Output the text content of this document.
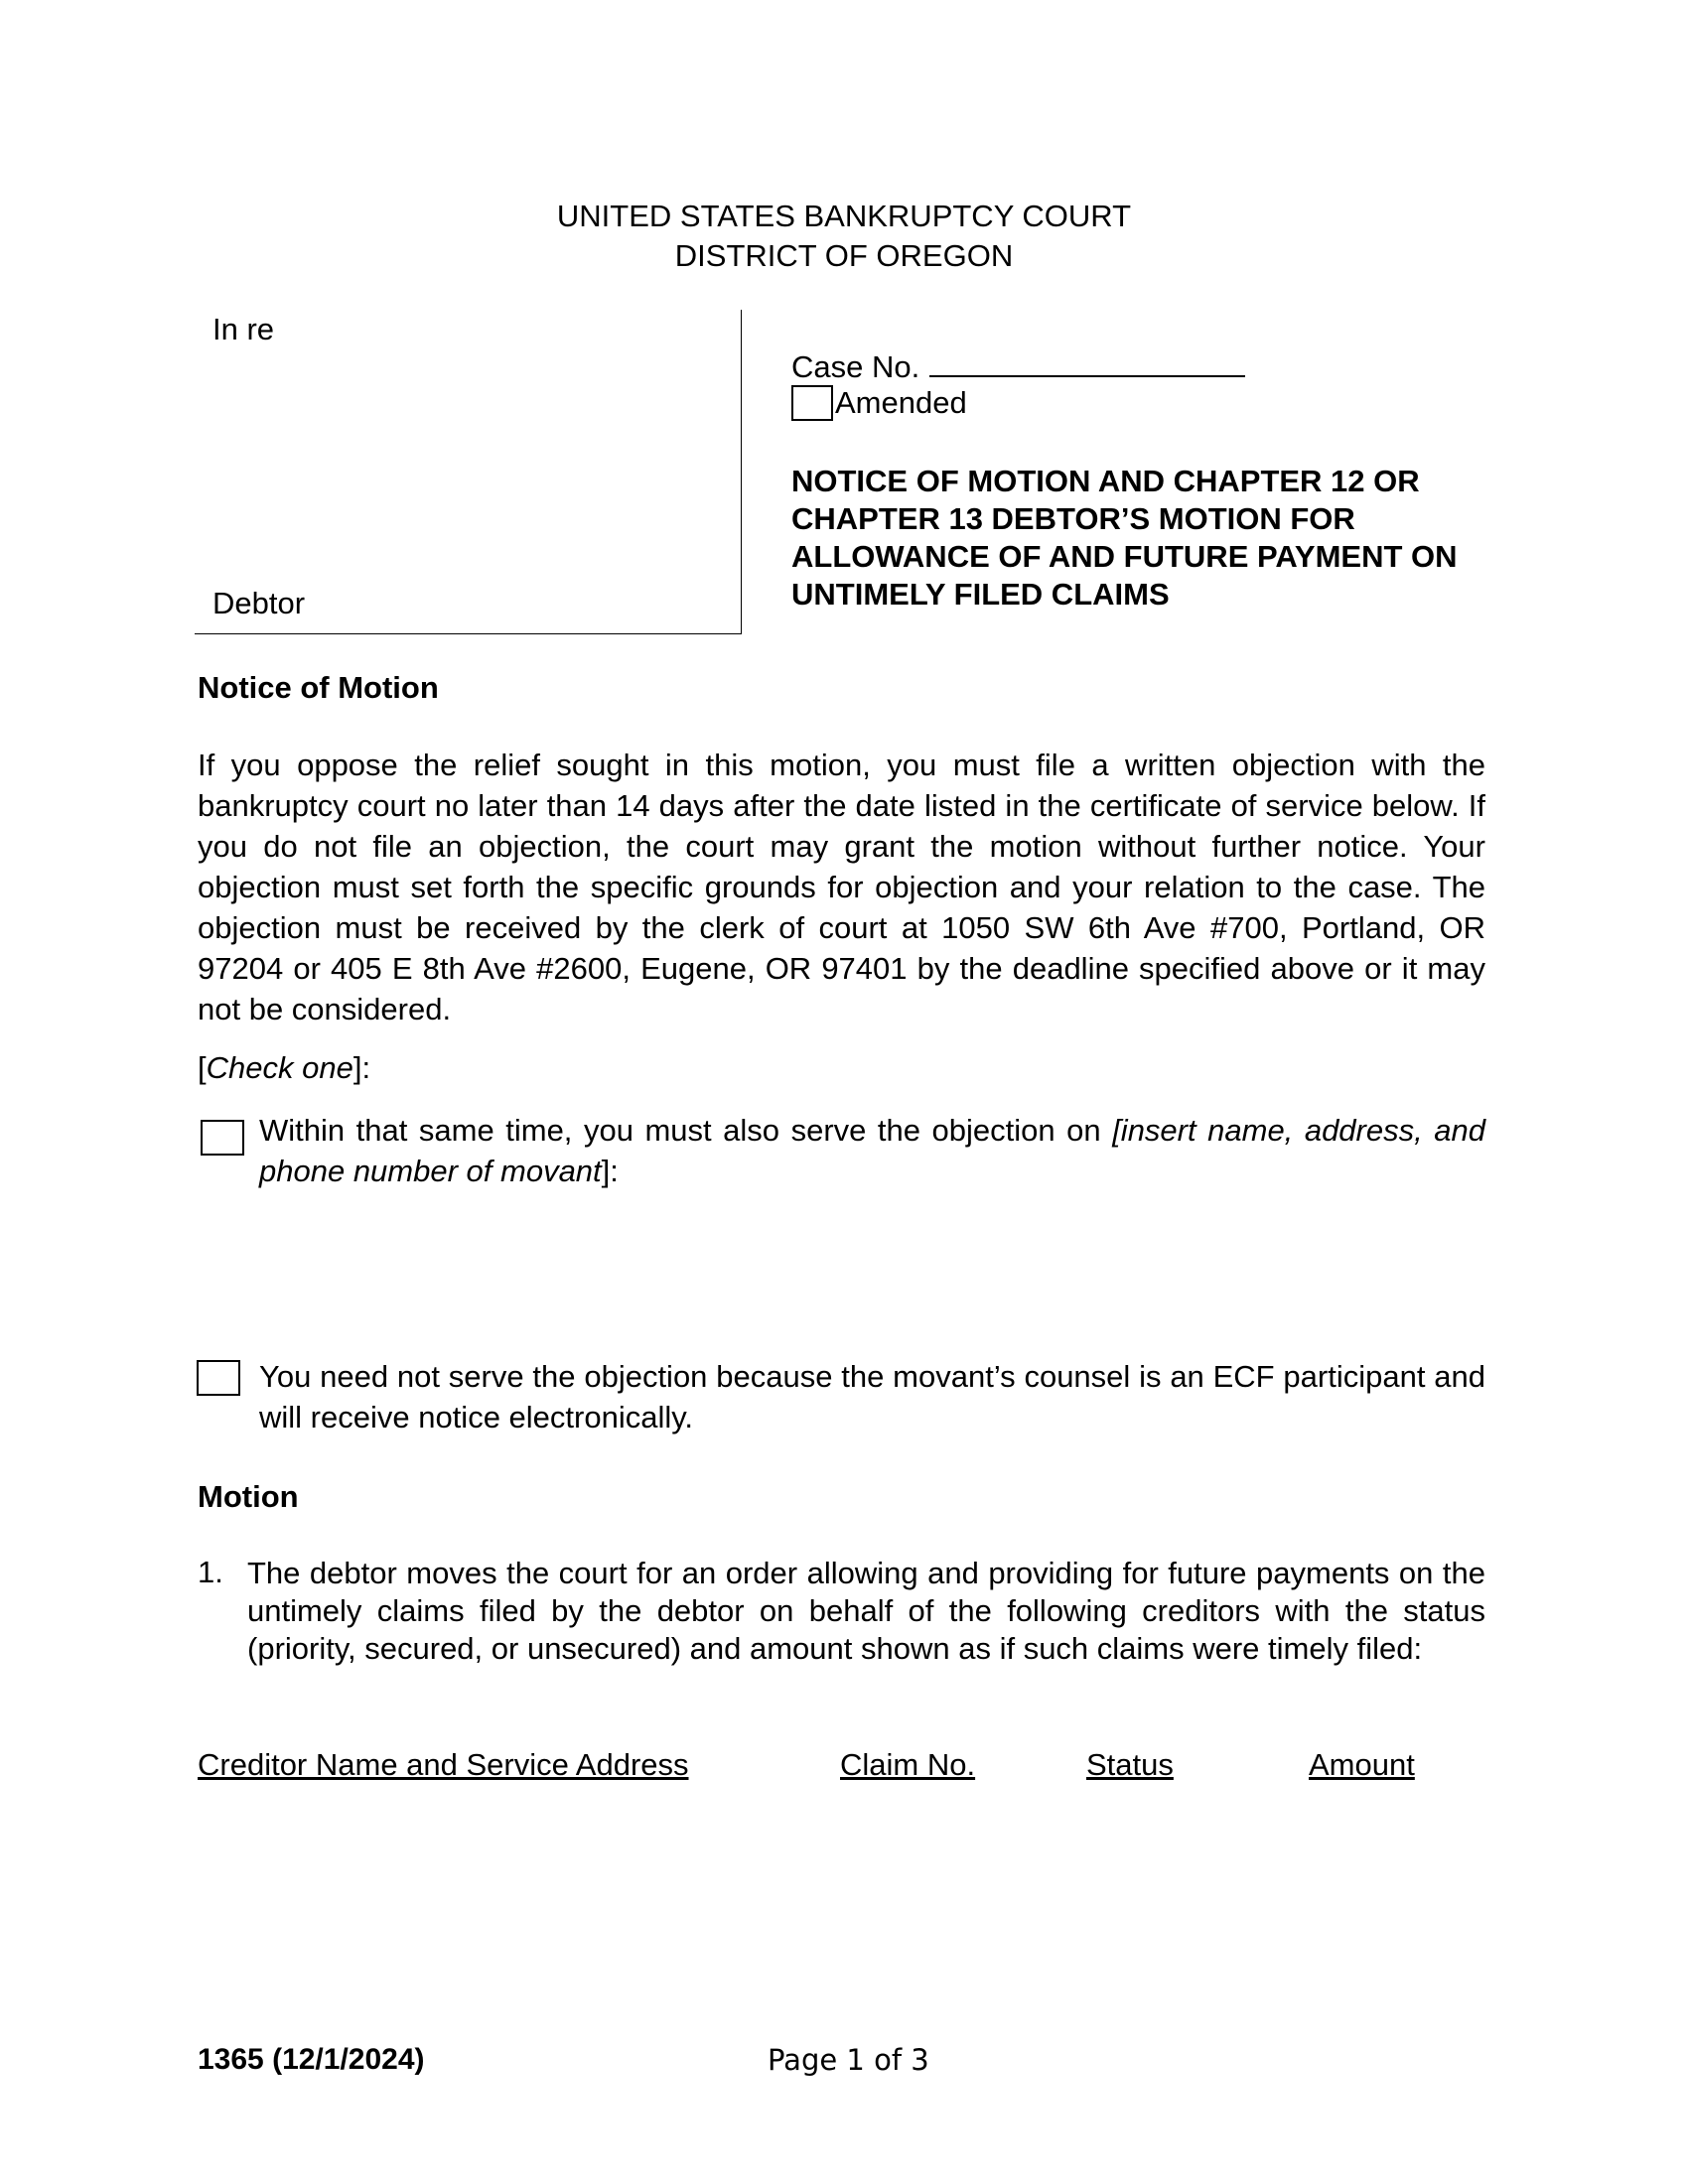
UNITED STATES BANKRUPTCY COURT
DISTRICT OF OREGON
In re
Debtor
Case No.
Amended
NOTICE OF MOTION AND CHAPTER 12 OR CHAPTER 13 DEBTOR’S MOTION FOR ALLOWANCE OF AND FUTURE PAYMENT ON UNTIMELY FILED CLAIMS
Notice of Motion
If you oppose the relief sought in this motion, you must file a written objection with the bankruptcy court no later than 14 days after the date listed in the certificate of service below. If you do not file an objection, the court may grant the motion without further notice. Your objection must set forth the specific grounds for objection and your relation to the case. The objection must be received by the clerk of court at 1050 SW 6th Ave #700, Portland, OR 97204 or 405 E 8th Ave #2600, Eugene, OR 97401 by the deadline specified above or it may not be considered.
[Check one]:
Within that same time, you must also serve the objection on [insert name, address, and phone number of movant]:
You need not serve the objection because the movant’s counsel is an ECF participant and will receive notice electronically.
Motion
1. The debtor moves the court for an order allowing and providing for future payments on the untimely claims filed by the debtor on behalf of the following creditors with the status (priority, secured, or unsecured) and amount shown as if such claims were timely filed:
Creditor Name and Service Address	Claim No.	Status	Amount
1365 (12/1/2024)	Page 1 of 3
